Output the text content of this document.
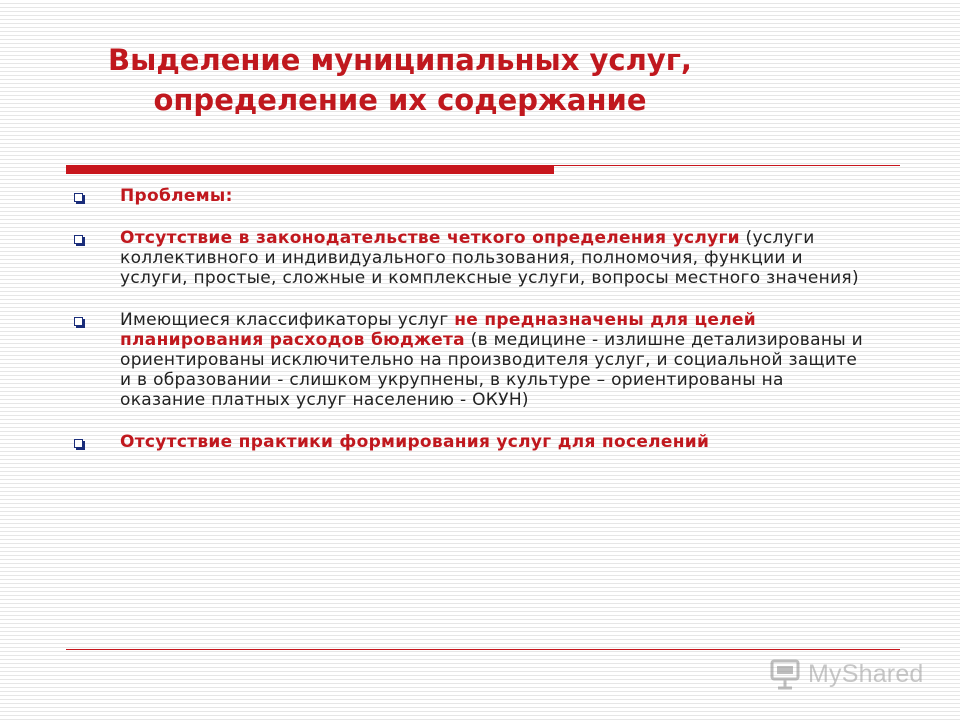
Выделение муниципальных услуг,
определение их содержание
Проблемы:
Отсутствие в законодательстве четкого определения услуги (услуги коллективного и индивидуального пользования, полномочия, функции и услуги, простые, сложные и комплексные услуги, вопросы местного значения)
Имеющиеся классификаторы услуг не предназначены для целей планирования расходов бюджета (в медицине - излишне детализированы и ориентированы исключительно на производителя услуг, и социальной защите и в образовании - слишком укрупнены, в культуре – ориентированы на оказание платных услуг населению - ОКУН)
Отсутствие практики формирования услуг для поселений
MyShared
